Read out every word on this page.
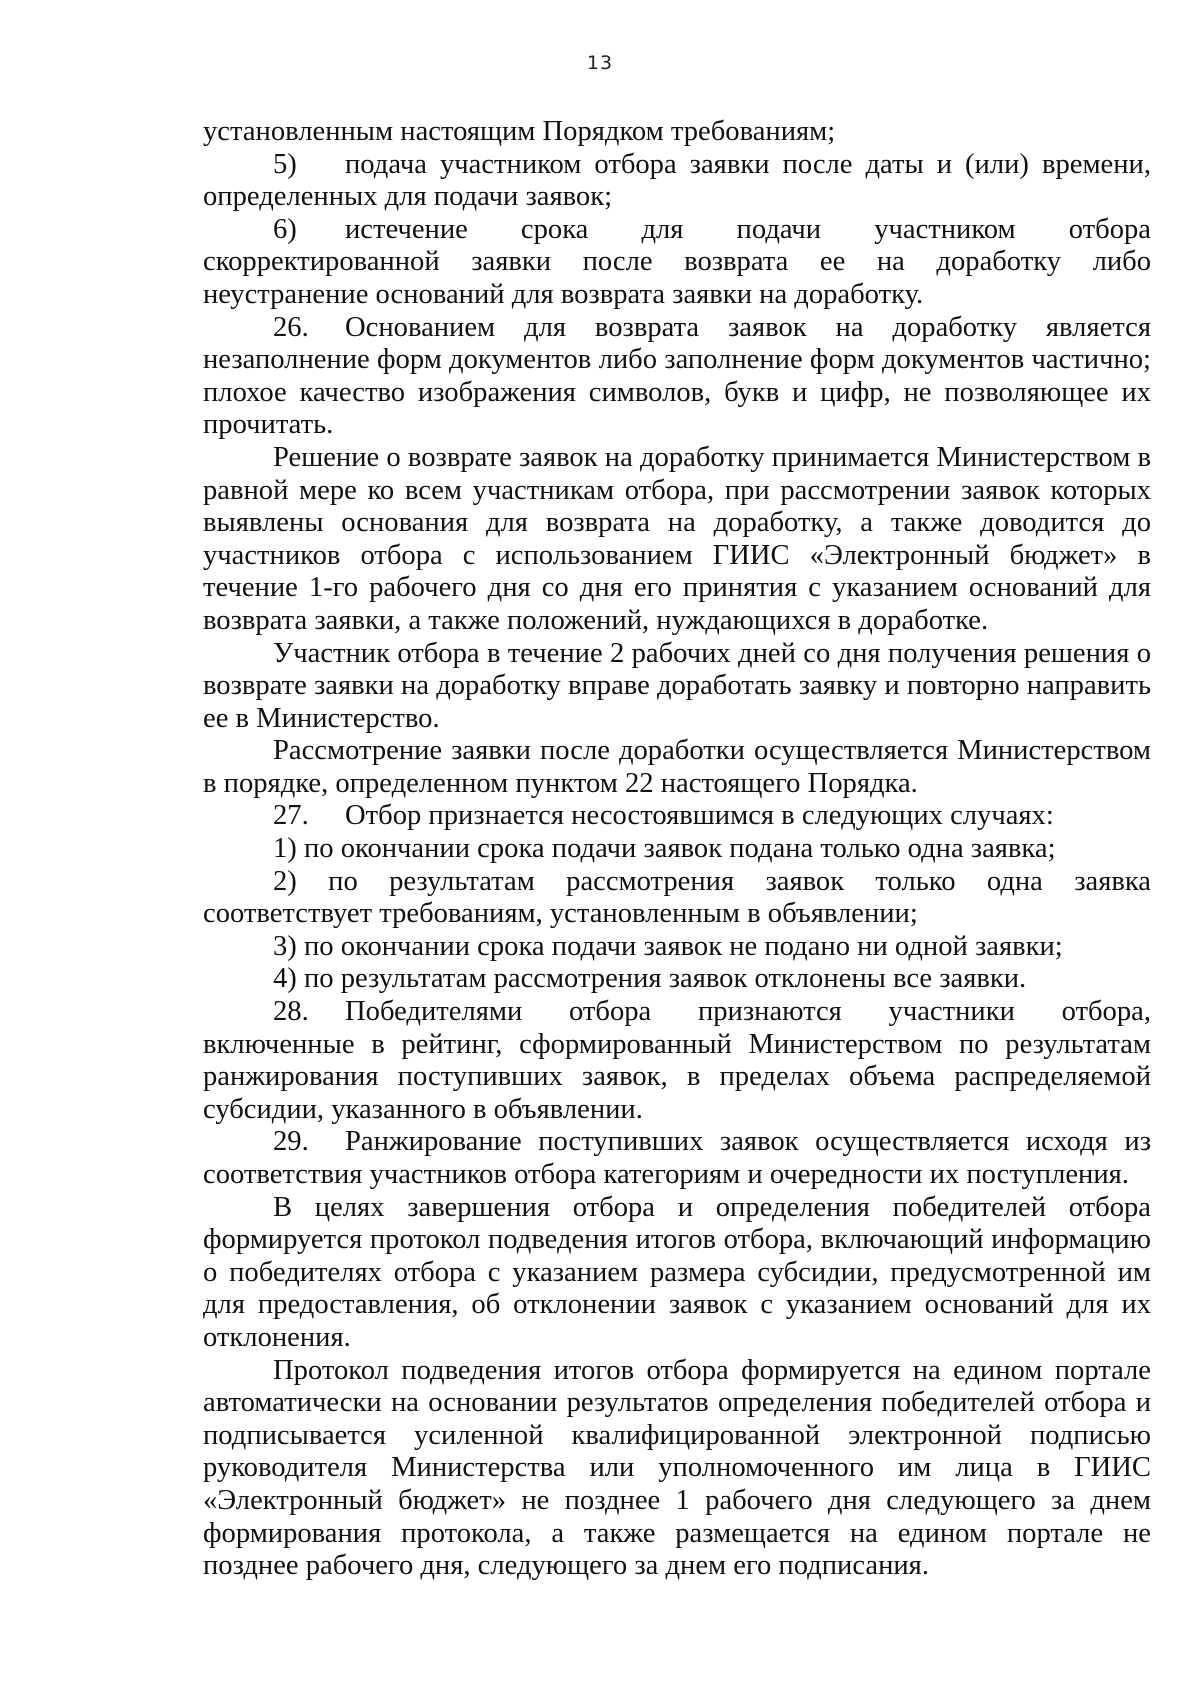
13

установленным настоящим Порядком требованиям;

5) подача участником отбора заявки после даты и (или) времени, определенных для подачи заявок;

6) истечение срока для подачи участником отбора скорректированной заявки после возврата ее на доработку либо неустранение оснований для возврата заявки на доработку.

26. Основанием для возврата заявок на доработку является незаполнение форм документов либо заполнение форм документов частично; плохое качество изображения символов, букв и цифр, не позволяющее их прочитать.

Решение о возврате заявок на доработку принимается Министерством в равной мере ко всем участникам отбора, при рассмотрении заявок которых выявлены основания для возврата на доработку, а также доводится до участников отбора с использованием ГИИС «Электронный бюджет» в течение 1-го рабочего дня со дня его принятия с указанием оснований для возврата заявки, а также положений, нуждающихся в доработке.

Участник отбора в течение 2 рабочих дней со дня получения решения о возврате заявки на доработку вправе доработать заявку и повторно направить ее в Министерство.

Рассмотрение заявки после доработки осуществляется Министерством в порядке, определенном пунктом 22 настоящего Порядка.

27. Отбор признается несостоявшимся в следующих случаях:

1) по окончании срока подачи заявок подана только одна заявка;

2) по результатам рассмотрения заявок только одна заявка соответствует требованиям, установленным в объявлении;

3) по окончании срока подачи заявок не подано ни одной заявки;

4) по результатам рассмотрения заявок отклонены все заявки.

28. Победителями отбора признаются участники отбора, включенные в рейтинг, сформированный Министерством по результатам ранжирования поступивших заявок, в пределах объема распределяемой субсидии, указанного в объявлении.

29. Ранжирование поступивших заявок осуществляется исходя из соответствия участников отбора категориям и очередности их поступления.

В целях завершения отбора и определения победителей отбора формируется протокол подведения итогов отбора, включающий информацию о победителях отбора с указанием размера субсидии, предусмотренной им для предоставления, об отклонении заявок с указанием оснований для их отклонения.

Протокол подведения итогов отбора формируется на едином портале автоматически на основании результатов определения победителей отбора и подписывается усиленной квалифицированной электронной подписью руководителя Министерства или уполномоченного им лица в ГИИС «Электронный бюджет» не позднее 1 рабочего дня следующего за днем формирования протокола, а также размещается на едином портале не позднее рабочего дня, следующего за днем его подписания.
